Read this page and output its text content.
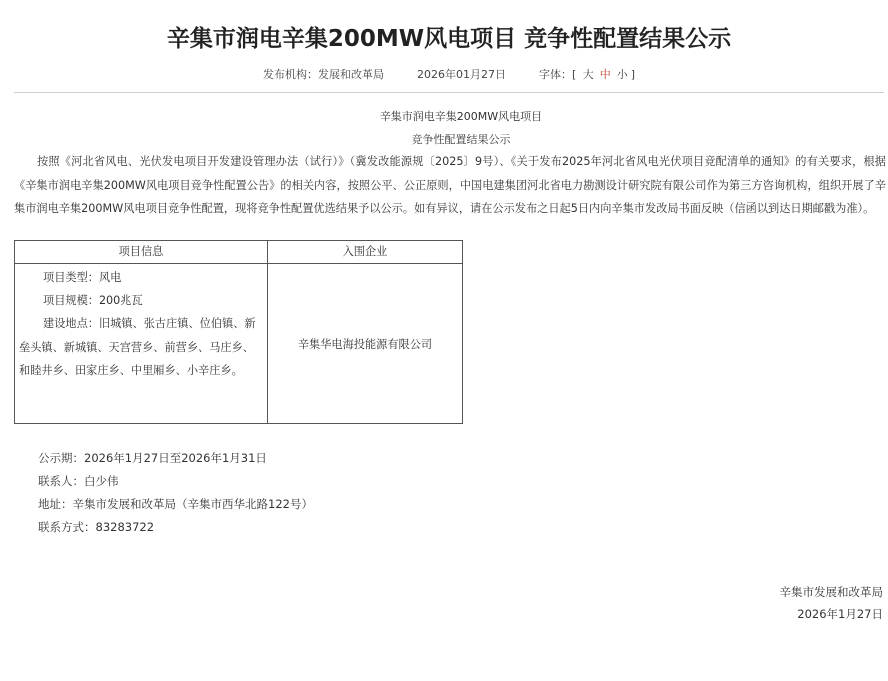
辛集市润电辛集200MW风电项目 竞争性配置结果公示
发布机构：发展和改革局	2026年01月27日	字体：[ 大 中 小 ]
辛集市润电辛集200MW风电项目
竞争性配置结果公示
按照《河北省风电、光伏发电项目开发建设管理办法（试行）》（冀发改能源规〔2025〕9号）、《关于发布2025年河北省风电光伏项目竞配清单的通知》的有关要求，根据《辛集市润电辛集200MW风电项目竞争性配置公告》的相关内容，按照公平、公正原则，中国电建集团河北省电力勘测设计研究院有限公司作为第三方咨询机构，组织开展了辛集市润电辛集200MW风电项目竞争性配置，现将竞争性配置优选结果予以公示。如有异议，请在公示发布之日起5日内向辛集市发改局书面反映（信函以到达日期邮戳为准）。
项目信息	入围企业

项目类型：风电
项目规模：200兆瓦
建设地点：旧城镇、张古庄镇、位伯镇、新垒头镇、新城镇、天宫营乡、前营乡、马庄乡、和睦井乡、田家庄乡、中里厢乡、小辛庄乡。	辛集华电海投能源有限公司
公示期：2026年1月27日至2026年1月31日
联系人：白少伟
地址：辛集市发展和改革局（辛集市西华北路122号）
联系方式：83283722
辛集市发展和改革局
2026年1月27日
